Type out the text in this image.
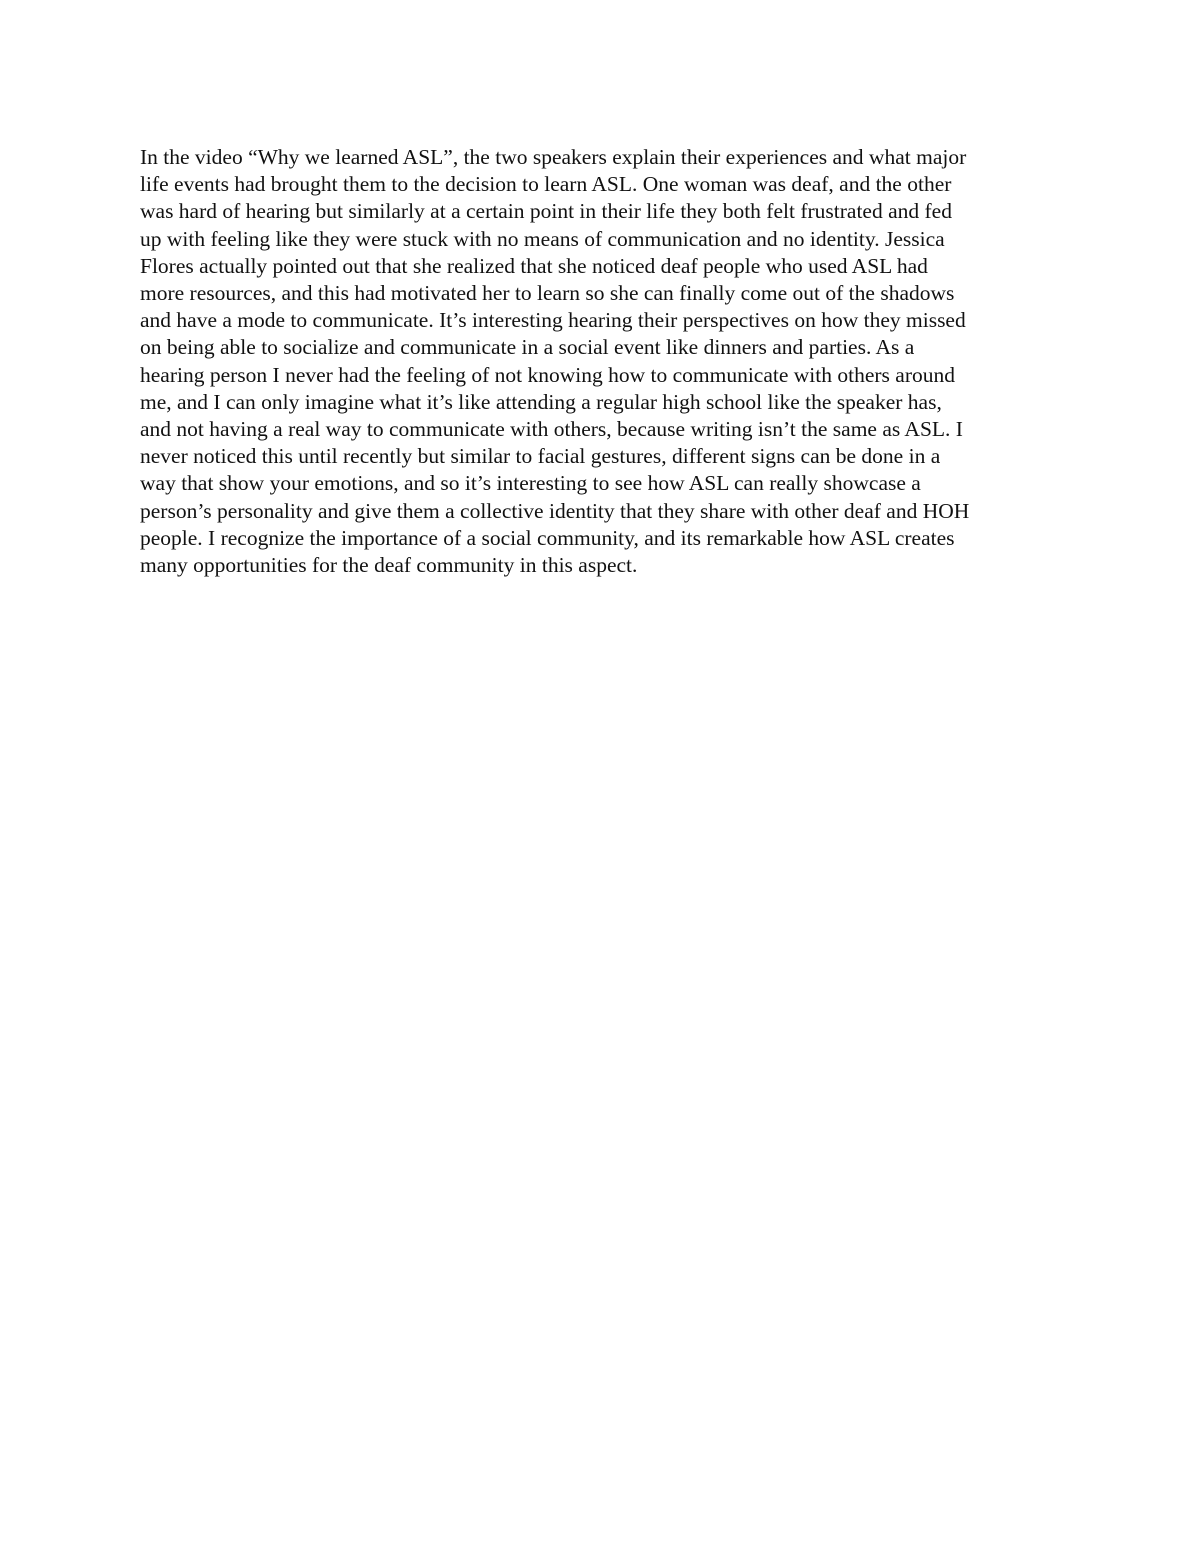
In the video “Why we learned ASL”, the two speakers explain their experiences and what major
life events had brought them to the decision to learn ASL. One woman was deaf, and the other
was hard of hearing but similarly at a certain point in their life they both felt frustrated and fed
up with feeling like they were stuck with no means of communication and no identity. Jessica
Flores actually pointed out that she realized that she noticed deaf people who used ASL had
more resources, and this had motivated her to learn so she can finally come out of the shadows
and have a mode to communicate. It’s interesting hearing their perspectives on how they missed
on being able to socialize and communicate in a social event like dinners and parties. As a
hearing person I never had the feeling of not knowing how to communicate with others around
me, and I can only imagine what it’s like attending a regular high school like the speaker has,
and not having a real way to communicate with others, because writing isn’t the same as ASL. I
never noticed this until recently but similar to facial gestures, different signs can be done in a
way that show your emotions, and so it’s interesting to see how ASL can really showcase a
person’s personality and give them a collective identity that they share with other deaf and HOH
people. I recognize the importance of a social community, and its remarkable how ASL creates
many opportunities for the deaf community in this aspect.
